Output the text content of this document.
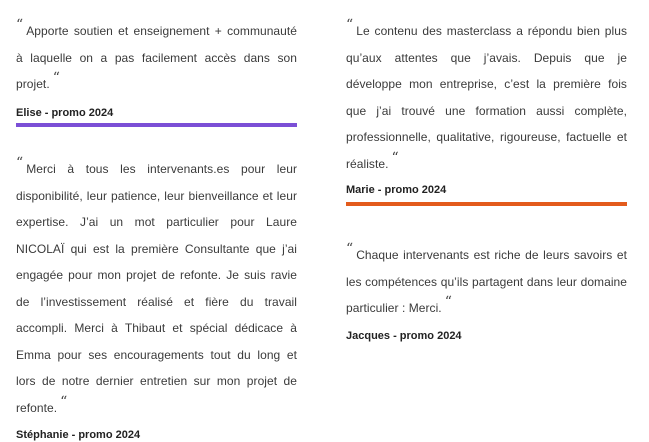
“ Apporte soutien et enseignement + communauté à laquelle on a pas facilement accès dans son projet. “

Elise - promo 2024

“ Merci à tous les intervenants.es pour leur disponibilité, leur patience, leur bienveillance et leur expertise. J’ai un mot particulier pour Laure NICOLAÏ qui est la première Consultante que j’ai engagée pour mon projet de refonte. Je suis ravie de l’investissement réalisé et fière du travail accompli. Merci à Thibaut et spécial dédicace à Emma pour ses encouragements tout du long et lors de notre dernier entretien sur mon projet de refonte. “

Stéphanie - promo 2024

“ Le contenu des masterclass a répondu bien plus qu’aux attentes que j’avais. Depuis que je développe mon entreprise, c’est la première fois que j’ai trouvé une formation aussi complète, professionnelle, qualitative, rigoureuse, factuelle et réaliste. “

Marie - promo 2024

“ Chaque intervenants est riche de leurs savoirs et les compétences qu’ils partagent dans leur domaine particulier : Merci. “

Jacques - promo 2024
